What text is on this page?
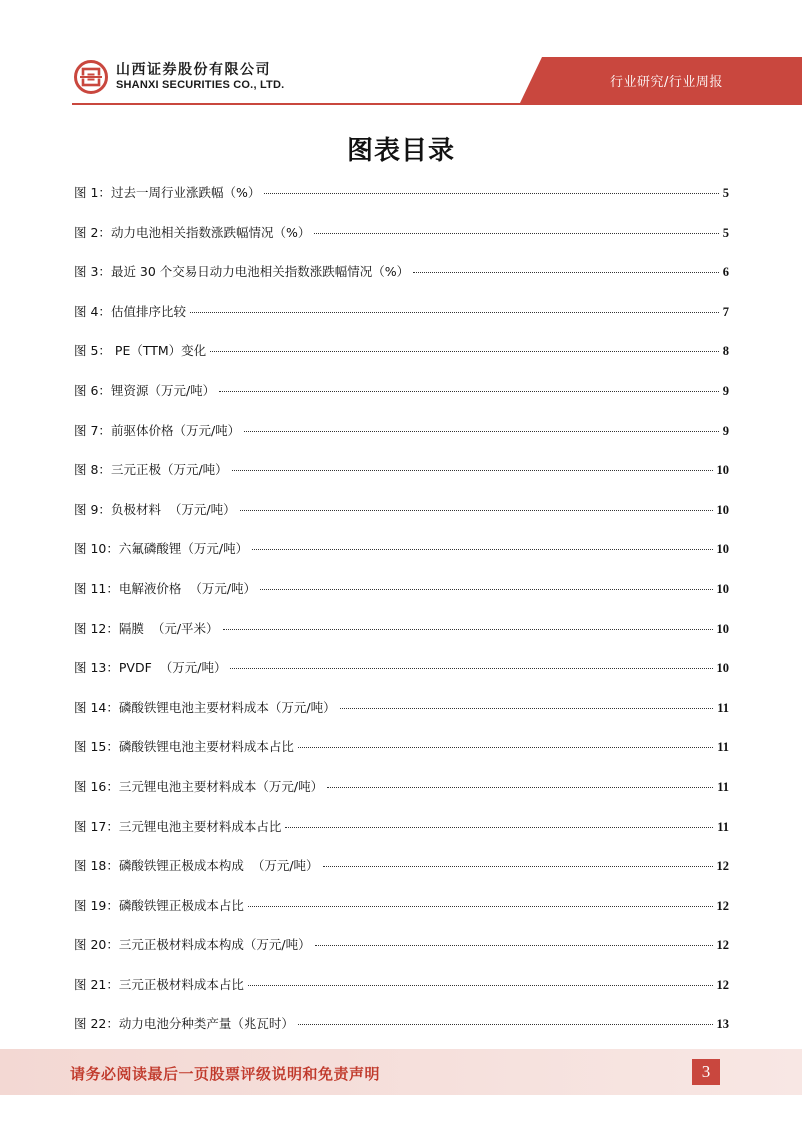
山西证券股份有限公司
SHANXI SECURITIES CO., LTD.	行业研究/行业周报
图表目录
图 1：过去一周行业涨跌幅（%）	5
图 2：动力电池相关指数涨跌幅情况（%）	5
图 3：最近 30 个交易日动力电池相关指数涨跌幅情况（%）	6
图 4：估值排序比较	7
图 5： PE（TTM）变化	8
图 6：锂资源（万元/吨）	9
图 7：前驱体价格（万元/吨）	9
图 8：三元正极（万元/吨）	10
图 9：负极材料  （万元/吨）	10
图 10：六氟磷酸锂（万元/吨）	10
图 11：电解液价格  （万元/吨）	10
图 12：隔膜  （元/平米）	10
图 13：PVDF  （万元/吨）	10
图 14：磷酸铁锂电池主要材料成本（万元/吨）	11
图 15：磷酸铁锂电池主要材料成本占比	11
图 16：三元锂电池主要材料成本（万元/吨）	11
图 17：三元锂电池主要材料成本占比	11
图 18：磷酸铁锂正极成本构成  （万元/吨）	12
图 19：磷酸铁锂正极成本占比	12
图 20：三元正极材料成本构成（万元/吨）	12
图 21：三元正极材料成本占比	12
图 22：动力电池分种类产量（兆瓦时）	13
请务必阅读最后一页股票评级说明和免责声明	3
